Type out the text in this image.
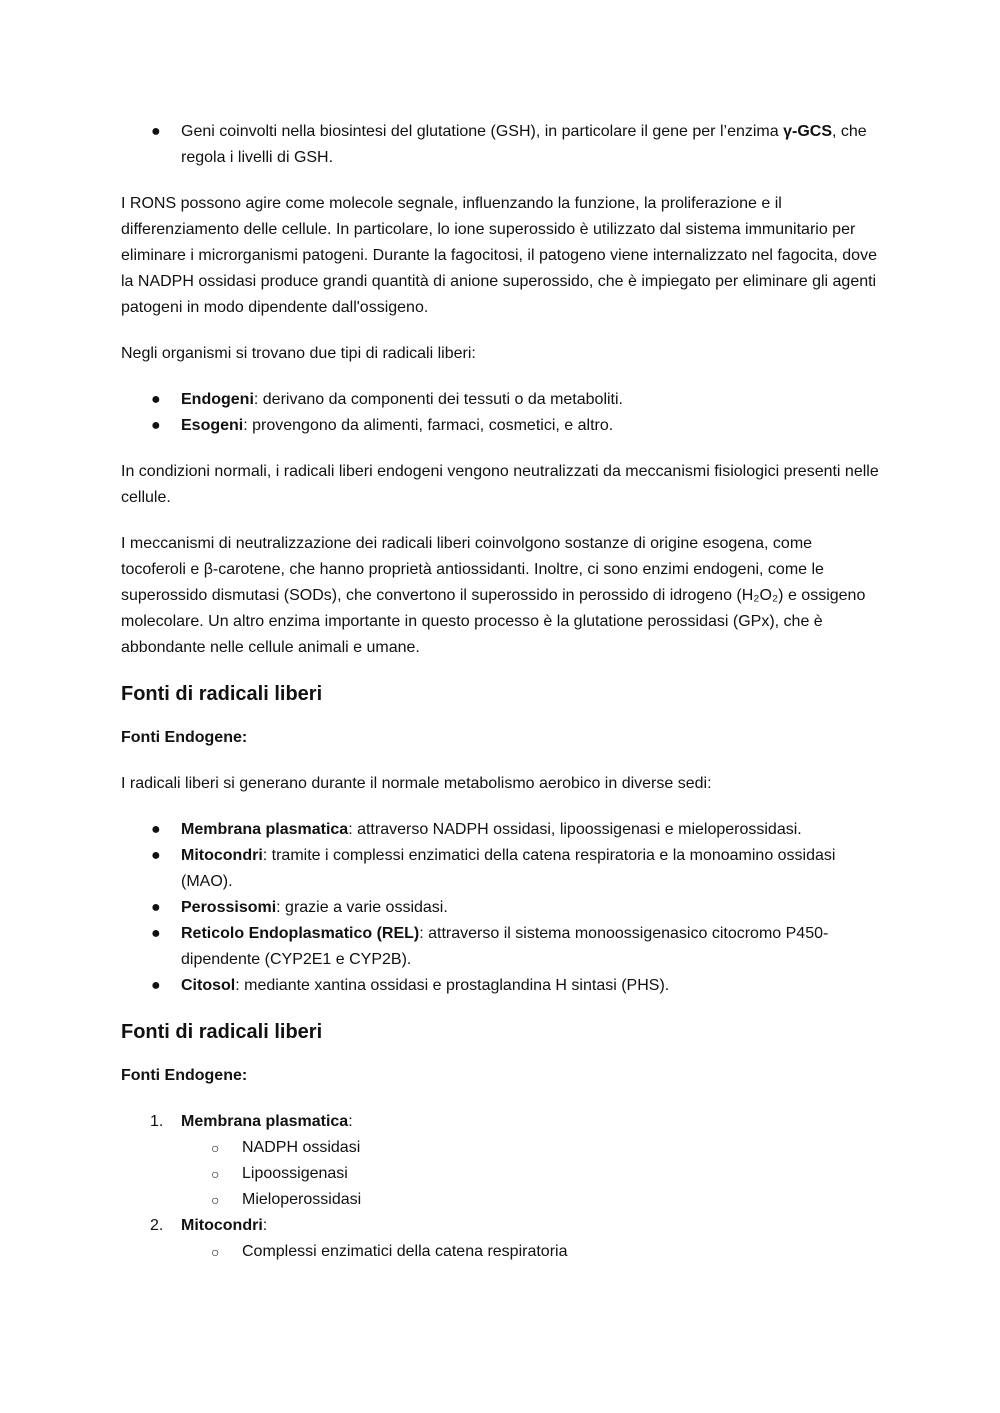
● Geni coinvolti nella biosintesi del glutatione (GSH), in particolare il gene per l’enzima γ-GCS, che regola i livelli di GSH.

I RONS possono agire come molecole segnale, influenzando la funzione, la proliferazione e il differenziamento delle cellule. In particolare, lo ione superossido è utilizzato dal sistema immunitario per eliminare i microrganismi patogeni. Durante la fagocitosi, il patogeno viene internalizzato nel fagocita, dove la NADPH ossidasi produce grandi quantità di anione superossido, che è impiegato per eliminare gli agenti patogeni in modo dipendente dall'ossigeno.

Negli organismi si trovano due tipi di radicali liberi:

● Endogeni: derivano da componenti dei tessuti o da metaboliti.
● Esogeni: provengono da alimenti, farmaci, cosmetici, e altro.

In condizioni normali, i radicali liberi endogeni vengono neutralizzati da meccanismi fisiologici presenti nelle cellule.

I meccanismi di neutralizzazione dei radicali liberi coinvolgono sostanze di origine esogena, come tocoferoli e β-carotene, che hanno proprietà antiossidanti. Inoltre, ci sono enzimi endogeni, come le superossido dismutasi (SODs), che convertono il superossido in perossido di idrogeno (H₂O₂) e ossigeno molecolare. Un altro enzima importante in questo processo è la glutatione perossidasi (GPx), che è abbondante nelle cellule animali e umane.

Fonti di radicali liberi
Fonti Endogene:

I radicali liberi si generano durante il normale metabolismo aerobico in diverse sedi:

● Membrana plasmatica: attraverso NADPH ossidasi, lipoossigenasi e mieloperossidasi.
● Mitocondri: tramite i complessi enzimatici della catena respiratoria e la monoamino ossidasi (MAO).
● Perossisomi: grazie a varie ossidasi.
● Reticolo Endoplasmatico (REL): attraverso il sistema monoossigenasico citocromo P450-dipendente (CYP2E1 e CYP2B).
● Citosol: mediante xantina ossidasi e prostaglandina H sintasi (PHS).
Fonti di radicali liberi
Fonti Endogene:
1. Membrana plasmatica:
○ NADPH ossidasi
○ Lipoossigenasi
○ Mieloperossidasi
2. Mitocondri:
○ Complessi enzimatici della catena respiratoria
